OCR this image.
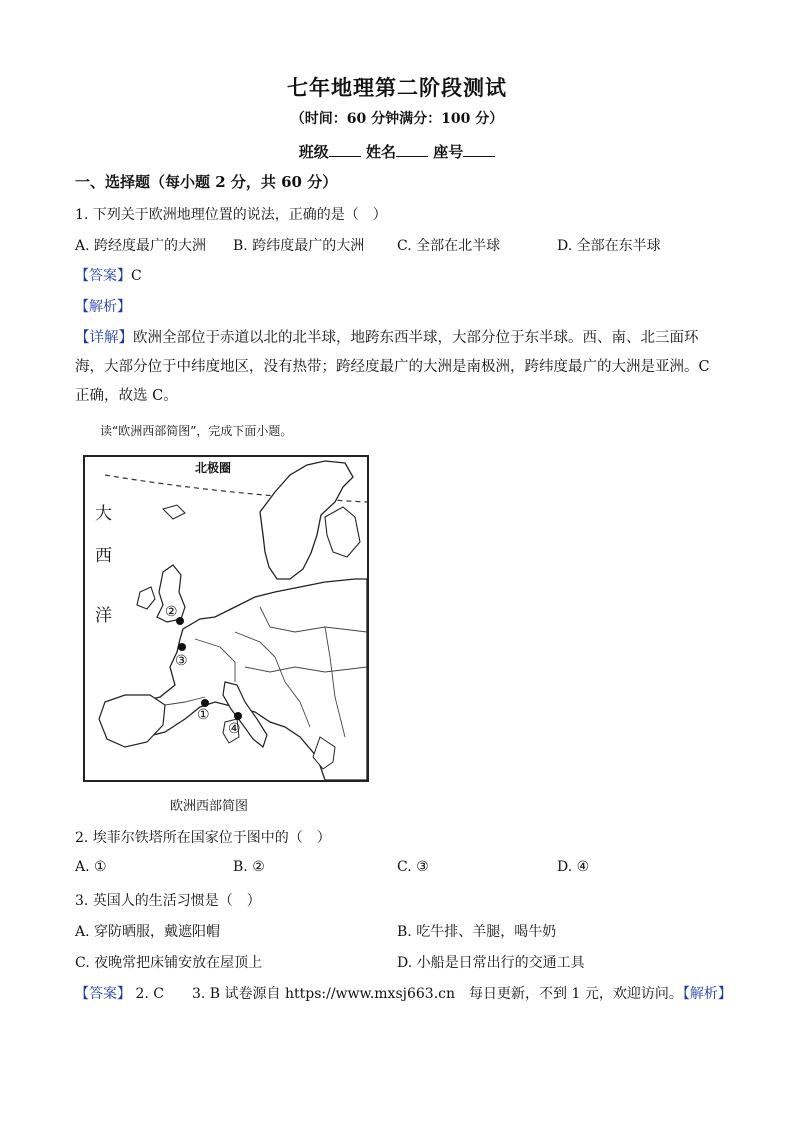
七年地理第二阶段测试
（时间：60 分钟满分：100 分）
班级 姓名 座号
一、选择题（每小题 2 分，共 60 分）
1. 下列关于欧洲地理位置的说法，正确的是（　）
A. 跨经度最广的大洲 B. 跨纬度最广的大洲 C. 全部在北半球	D. 全部在东半球
【答案】C
【解析】
【详解】欧洲全部位于赤道以北的北半球，地跨东西半球，大部分位于东半球。西、南、北三面环海，大部分位于中纬度地区，没有热带；跨经度最广的大洲是南极洲，跨纬度最广的大洲是亚洲。C 正确，故选 C。
读“欧洲西部简图”，完成下面小题。
北极圈
大
西
洋	②
③
①
④
欧洲西部简图
2. 埃菲尔铁塔所在国家位于图中的（　）
A. ①	B. ②	C. ③	D. ④
3. 英国人的生活习惯是（　）
A. 穿防晒服，戴遮阳帽	B. 吃牛排、羊腿，喝牛奶
C. 夜晚常把床铺安放在屋顶上	D. 小船是日常出行的交通工具
【答案】 2. C　　3. B 试卷源自 https://www.mxsj663.cn　每日更新，不到 1 元，欢迎访问。【解析】
